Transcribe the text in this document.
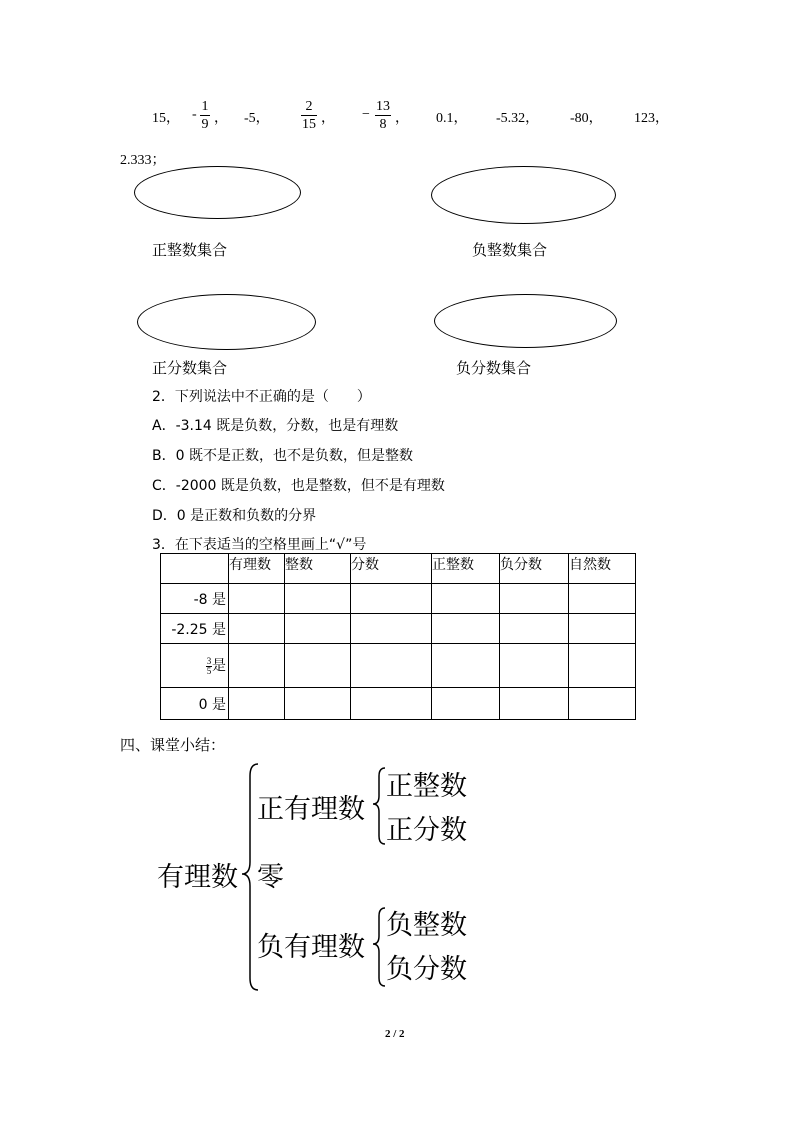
15， -
1
9 ， -5，
2
15 ， −
13
8 ， 0.1， -5.32， -80， 123，
2.333；
正整数集合	负整数集合
正分数集合	负分数集合
2．下列说法中不正确的是（　　）
A．-3.14 既是负数，分数，也是有理数
B．0 既不是正数，也不是负数，但是整数
C．-2000 既是负数，也是整数，但不是有理数
D．0 是正数和负数的分界
3．在下表适当的空格里画上“√”号
	有理数	整数	分数	正整数	负分数	自然数
-8 是						
-2.25 是						
$\frac{3}{5}$是						
0 是						
四、课堂小结：
有理数
正有理数
零
负有理数
正整数
正分数
负整数
负分数
2 / 2
